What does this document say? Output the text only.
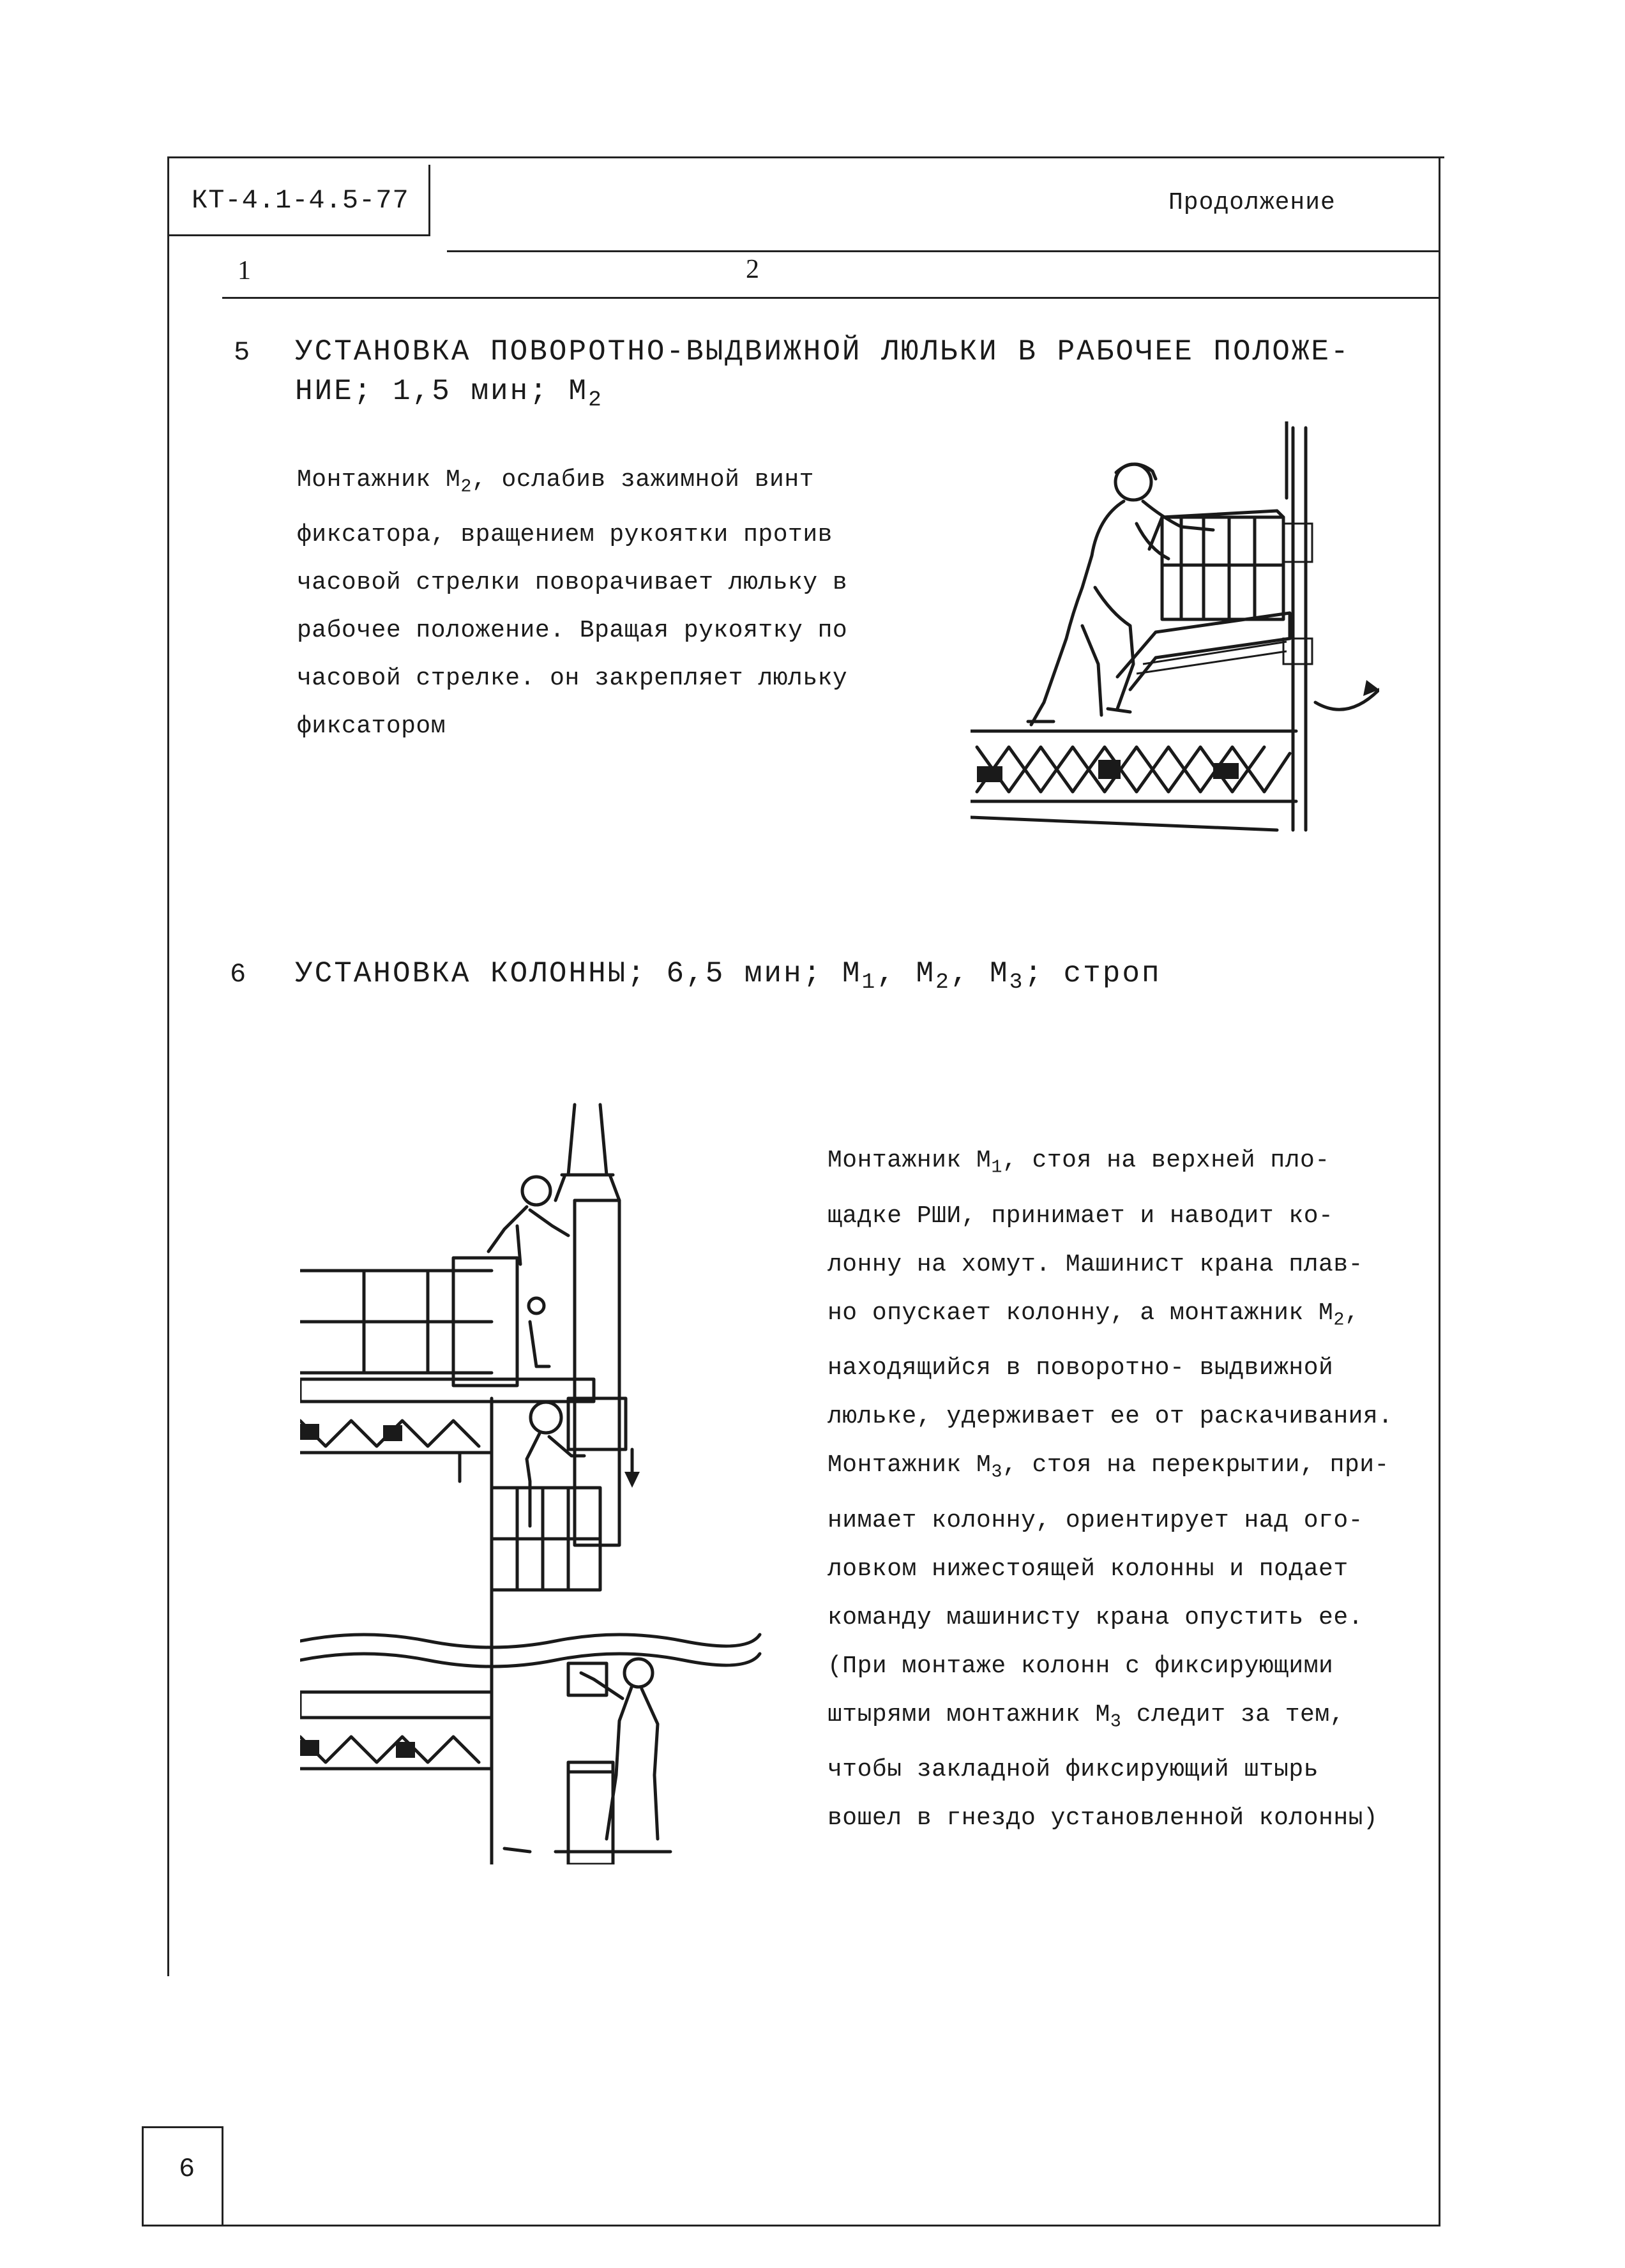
КТ-4.1-4.5-77	Продолжение
1	2
5 УСТАНОВКА ПОВОРОТНО-ВЫДВИЖНОЙ ЛЮЛЬКИ В РАБОЧЕЕ ПОЛОЖЕ-
НИЕ; 1,5 мин; $М_2$
Монтажник $М_2$, ослабив зажимной винт
фиксатора, вращением рукоятки против
часовой стрелки поворачивает люльку в
рабочее положение. Вращая рукоятку по
часовой стрелке. он закрепляет люльку
фиксатором
6 УСТАНОВКА КОЛОННЫ; 6,5 мин; $М_1$, $М_2$, $М_3$; строп
Монтажник $М_1$, стоя на верхней пло-
щадке РШИ, принимает и наводит ко-
лонну на хомут. Машинист крана плав-
но опускает колонну, а монтажник $М_2$,
находящийся в поворотно- выдвижной
люльке, удерживает ее от раскачивания.
Монтажник $М_3$, стоя на перекрытии, при-
нимает колонну, ориентирует над ого-
ловком нижестоящей колонны и подает
команду машинисту крана опустить ее.
(При монтаже колонн с фиксирующими
штырями монтажник $М_3$ следит за тем,
чтобы закладной фиксирующий штырь
вошел в гнездо установленной колонны)
6
